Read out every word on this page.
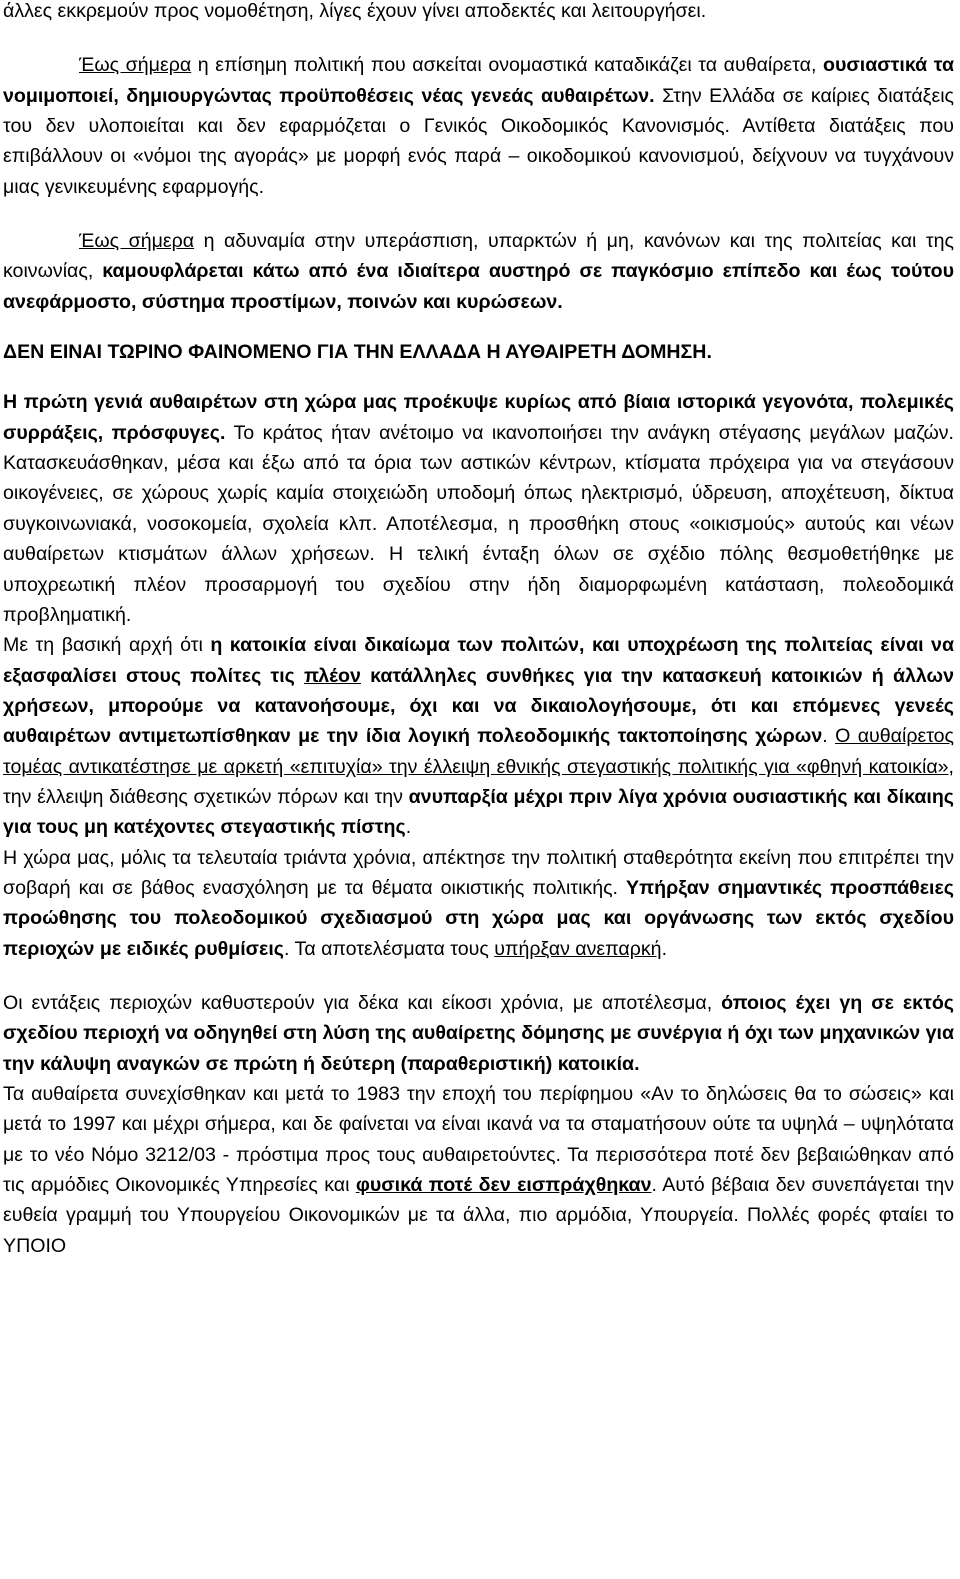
άλλες εκκρεμούν προς νομοθέτηση, λίγες έχουν γίνει αποδεκτές και λειτουργήσει.

Έως σήμερα η επίσημη πολιτική που ασκείται ονομαστικά καταδικάζει τα αυθαίρετα, ουσιαστικά τα νομιμοποιεί, δημιουργώντας προϋποθέσεις νέας γενεάς αυθαιρέτων. Στην Ελλάδα σε καίριες διατάξεις του δεν υλοποιείται και δεν εφαρμόζεται ο Γενικός Οικοδομικός Κανονισμός. Αντίθετα διατάξεις που επιβάλλουν οι «νόμοι της αγοράς» με μορφή ενός παρά – οικοδομικού κανονισμού, δείχνουν να τυγχάνουν μιας γενικευμένης εφαρμογής.

Έως σήμερα η αδυναμία στην υπεράσπιση, υπαρκτών ή μη, κανόνων και της πολιτείας και της κοινωνίας, καμουφλάρεται κάτω από ένα ιδιαίτερα αυστηρό σε παγκόσμιο επίπεδο και έως τούτου ανεφάρμοστο, σύστημα προστίμων, ποινών και κυρώσεων.

ΔΕΝ ΕΙΝΑΙ ΤΩΡΙΝΟ ΦΑΙΝΟΜΕΝΟ ΓΙΑ ΤΗΝ ΕΛΛΑΔΑ Η ΑΥΘΑΙΡΕΤΗ ΔΟΜΗΣΗ.

Η πρώτη γενιά αυθαιρέτων στη χώρα μας προέκυψε κυρίως από βίαια ιστορικά γεγονότα, πολεμικές συρράξεις, πρόσφυγες. Το κράτος ήταν ανέτοιμο να ικανοποιήσει την ανάγκη στέγασης μεγάλων μαζών. Κατασκευάσθηκαν, μέσα και έξω από τα όρια των αστικών κέντρων, κτίσματα πρόχειρα για να στεγάσουν οικογένειες, σε χώρους χωρίς καμία στοιχειώδη υποδομή όπως ηλεκτρισμό, ύδρευση, αποχέτευση, δίκτυα συγκοινωνιακά, νοσοκομεία, σχολεία κλπ. Αποτέλεσμα, η προσθήκη στους «οικισμούς» αυτούς και νέων αυθαίρετων κτισμάτων άλλων χρήσεων. Η τελική ένταξη όλων σε σχέδιο πόλης θεσμοθετήθηκε με υποχρεωτική πλέον προσαρμογή του σχεδίου στην ήδη διαμορφωμένη κατάσταση, πολεοδομικά προβληματική.

Με τη βασική αρχή ότι η κατοικία είναι δικαίωμα των πολιτών, και υποχρέωση της πολιτείας είναι να εξασφαλίσει στους πολίτες τις πλέον κατάλληλες συνθήκες για την κατασκευή κατοικιών ή άλλων χρήσεων, μπορούμε να κατανοήσουμε, όχι και να δικαιολογήσουμε, ότι και επόμενες γενεές αυθαιρέτων αντιμετωπίσθηκαν με την ίδια λογική πολεοδομικής τακτοποίησης χώρων. Ο αυθαίρετος τομέας αντικατέστησε με αρκετή «επιτυχία» την έλλειψη εθνικής στεγαστικής πολιτικής για «φθηνή κατοικία», την έλλειψη διάθεσης σχετικών πόρων και την ανυπαρξία μέχρι πριν λίγα χρόνια ουσιαστικής και δίκαιης για τους μη κατέχοντες στεγαστικής πίστης.

Η χώρα μας, μόλις τα τελευταία τριάντα χρόνια, απέκτησε την πολιτική σταθερότητα εκείνη που επιτρέπει την σοβαρή και σε βάθος ενασχόληση με τα θέματα οικιστικής πολιτικής. Υπήρξαν σημαντικές προσπάθειες προώθησης του πολεοδομικού σχεδιασμού στη χώρα μας και οργάνωσης των εκτός σχεδίου περιοχών με ειδικές ρυθμίσεις. Τα αποτελέσματα τους υπήρξαν ανεπαρκή.

Οι εντάξεις περιοχών καθυστερούν για δέκα και είκοσι χρόνια, με αποτέλεσμα, όποιος έχει γη σε εκτός σχεδίου περιοχή να οδηγηθεί στη λύση της αυθαίρετης δόμησης με συνέργια ή όχι των μηχανικών για την κάλυψη αναγκών σε πρώτη ή δεύτερη (παραθεριστική) κατοικία.

Τα αυθαίρετα συνεχίσθηκαν και μετά το 1983 την εποχή του περίφημου «Αν το δηλώσεις θα το σώσεις» και μετά το 1997 και μέχρι σήμερα, και δε φαίνεται να είναι ικανά να τα σταματήσουν ούτε τα υψηλά – υψηλότατα με το νέο Νόμο 3212/03 - πρόστιμα προς τους αυθαιρετούντες. Τα περισσότερα ποτέ δεν βεβαιώθηκαν από τις αρμόδιες Οικονομικές Υπηρεσίες και φυσικά ποτέ δεν εισπράχθηκαν. Αυτό βέβαια δεν συνεπάγεται την ευθεία γραμμή του Υπουργείου Οικονομικών με τα άλλα, πιο αρμόδια, Υπουργεία. Πολλές φορές φταίει το ΥΠΟΙΟ
